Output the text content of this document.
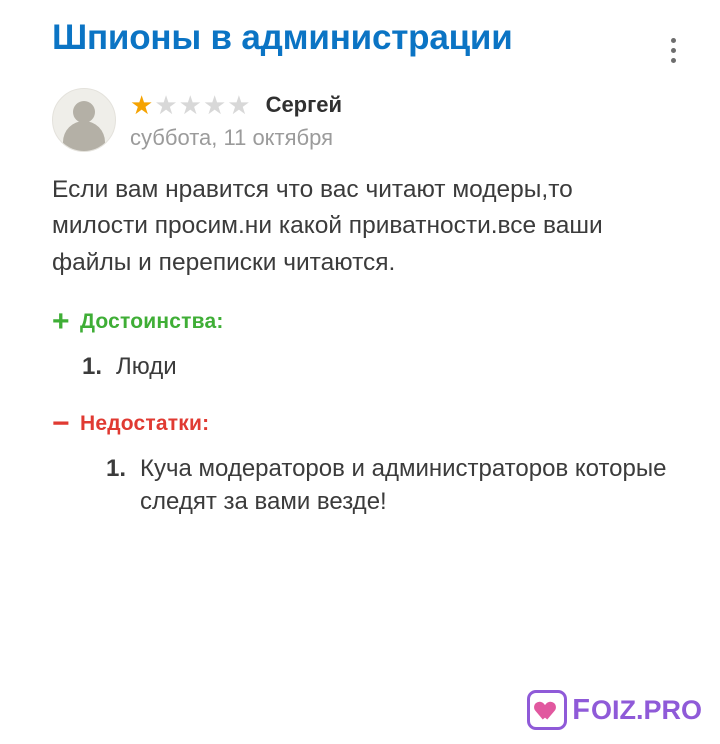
Шпионы в администрации
★ ★ ★ ★ ★ Сергей
суббота, 11 октября
Если вам нравится что вас читают модеры,то милости просим.ни какой приватности.все ваши файлы и переписки читаются.
+ Достоинства:
1. Люди
− Недостатки:
1. Куча модераторов и администраторов которые следят за вами везде!
F OIZ.PRO
